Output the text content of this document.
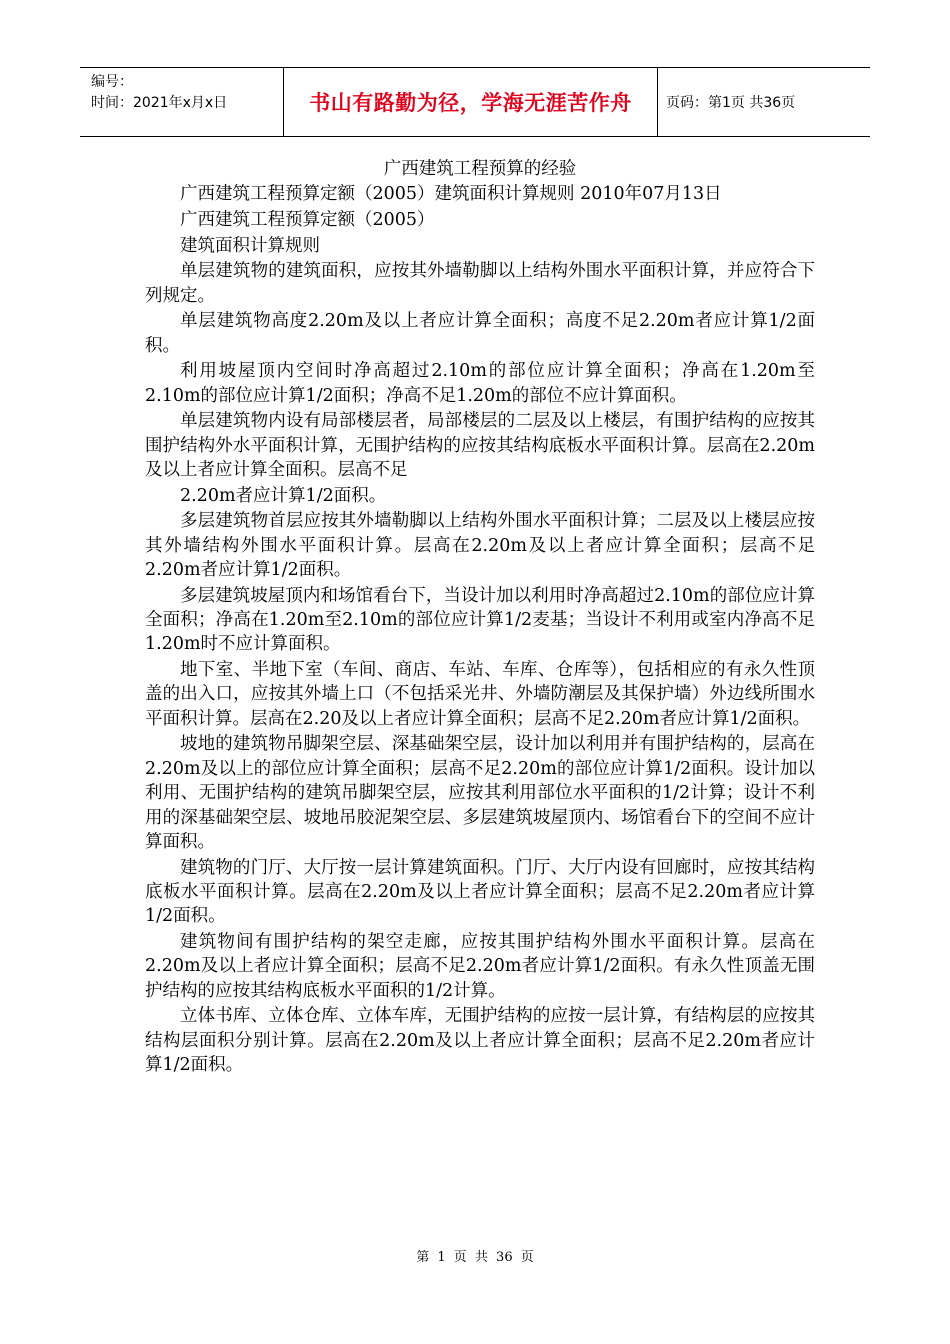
编号：
时间：2021年x月x日	书山有路勤为径，学海无涯苦作舟	页码：第1页 共36页
广西建筑工程预算的经验

广西建筑工程预算定额（2005）建筑面积计算规则 2010年07月13日

广西建筑工程预算定额（2005）

建筑面积计算规则

单层建筑物的建筑面积，应按其外墙勒脚以上结构外围水平面积计算，并应符合下列规定。

单层建筑物高度2.20m及以上者应计算全面积；高度不足2.20m者应计算1/2面积。

利用坡屋顶内空间时净高超过2.10m的部位应计算全面积；净高在1.20m至2.10m的部位应计算1/2面积；净高不足1.20m的部位不应计算面积。

单层建筑物内设有局部楼层者，局部楼层的二层及以上楼层，有围护结构的应按其围护结构外水平面积计算，无围护结构的应按其结构底板水平面积计算。层高在2.20m及以上者应计算全面积。层高不足

2.20m者应计算1/2面积。

多层建筑物首层应按其外墙勒脚以上结构外围水平面积计算；二层及以上楼层应按其外墙结构外围水平面积计算。层高在2.20m及以上者应计算全面积；层高不足2.20m者应计算1/2面积。

多层建筑坡屋顶内和场馆看台下，当设计加以利用时净高超过2.10m的部位应计算全面积；净高在1.20m至2.10m的部位应计算1/2麦基；当设计不利用或室内净高不足1.20m时不应计算面积。

地下室、半地下室（车间、商店、车站、车库、仓库等），包括相应的有永久性顶盖的出入口，应按其外墙上口（不包括采光井、外墙防潮层及其保护墙）外边线所围水平面积计算。层高在2.20及以上者应计算全面积；层高不足2.20m者应计算1/2面积。

坡地的建筑物吊脚架空层、深基础架空层，设计加以利用并有围护结构的，层高在2.20m及以上的部位应计算全面积；层高不足2.20m的部位应计算1/2面积。设计加以利用、无围护结构的建筑吊脚架空层，应按其利用部位水平面积的1/2计算；设计不利用的深基础架空层、坡地吊胶泥架空层、多层建筑坡屋顶内、场馆看台下的空间不应计算面积。

建筑物的门厅、大厅按一层计算建筑面积。门厅、大厅内设有回廊时，应按其结构底板水平面积计算。层高在2.20m及以上者应计算全面积；层高不足2.20m者应计算1/2面积。

建筑物间有围护结构的架空走廊，应按其围护结构外围水平面积计算。层高在2.20m及以上者应计算全面积；层高不足2.20m者应计算1/2面积。有永久性顶盖无围护结构的应按其结构底板水平面积的1/2计算。

立体书库、立体仓库、立体车库，无围护结构的应按一层计算，有结构层的应按其结构层面积分别计算。层高在2.20m及以上者应计算全面积；层高不足2.20m者应计算1/2面积。

第 1 页 共 36 页
